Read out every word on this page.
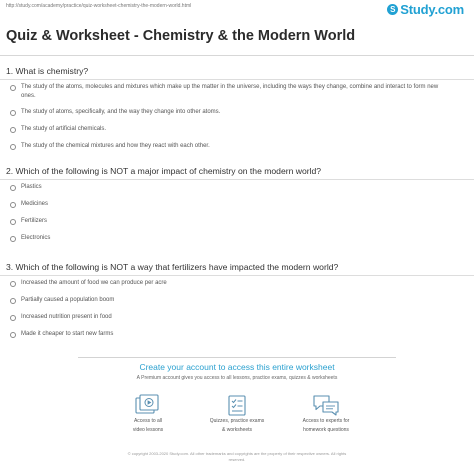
http://study.com/academy/practice/quiz-worksheet-chemistry-the-modern-world.html	S Study.com
Quiz & Worksheet - Chemistry & the Modern World
1. What is chemistry?
The study of the atoms, molecules and mixtures which make up the matter in the universe, including the ways they change, combine and interact to form new ones.
The study of atoms, specifically, and the way they change into other atoms.
The study of artificial chemicals.
The study of the chemical mixtures and how they react with each other.
2. Which of the following is NOT a major impact of chemistry on the modern world?
Plastics
Medicines
Fertilizers
Electronics
3. Which of the following is NOT a way that fertilizers have impacted the modern world?
Increased the amount of food we can produce per acre
Partially caused a population boom
Increased nutrition present in food
Made it cheaper to start new farms
Create your account to access this entire worksheet
A Premium account gives you access to all lessons, practice exams, quizzes & worksheets
Access to all
video lessons
Quizzes, practice exams
& worksheets
Access to experts for
homework questions
© copyright 2003-2020 Study.com. All other trademarks and copyrights are the property of their respective owners. All rights
reserved.
